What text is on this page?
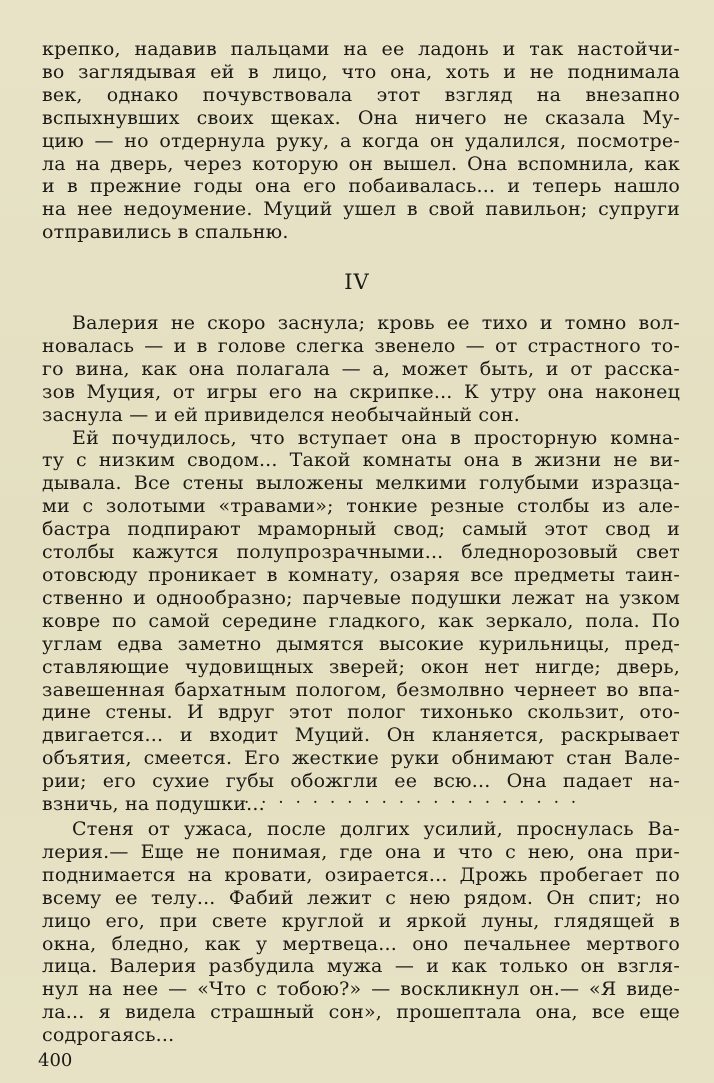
крепко, надавив пальцами на ее ладонь и так настойчи-
во заглядывая ей в лицо, что она, хоть и не поднимала
век, однако почувствовала этот взгляд на внезапно
вспыхнувших своих щеках. Она ничего не сказала Му-
цию — но отдернула руку, а когда он удалился, посмотре-
ла на дверь, через которую он вышел. Она вспомнила, как
и в прежние годы она его побаивалась... и теперь нашло
на нее недоумение. Муций ушел в свой павильон; супруги
отправились в спальню.
IV
Валерия не скоро заснула; кровь ее тихо и томно вол-
новалась — и в голове слегка звенело — от страстного то-
го вина, как она полагала — а, может быть, и от расска-
зов Муция, от игры его на скрипке... К утру она наконец
заснула — и ей привиделся необычайный сон.
Ей почудилось, что вступает она в просторную комна-
ту с низким сводом... Такой комнаты она в жизни не ви-
дывала. Все стены выложены мелкими голубыми изразца-
ми с золотыми «травами»; тонкие резные столбы из але-
бастра подпирают мраморный свод; самый этот свод и
столбы кажутся полупрозрачными... бледнорозовый свет
отовсюду проникает в комнату, озаряя все предметы таин-
ственно и однообразно; парчевые подушки лежат на узком
ковре по самой середине гладкого, как зеркало, пола. По
углам едва заметно дымятся высокие курильницы, пред-
ставляющие чудовищных зверей; окон нет нигде; дверь,
завешенная бархатным пологом, безмолвно чернеет во впа-
дине стены. И вдруг этот полог тихонько скользит, ото-
двигается... и входит Муций. Он кланяется, раскрывает
объятия, смеется. Его жесткие руки обнимают стан Вале-
рии; его сухие губы обожгли ее всю... Она падает на-
взничь, на подушки...
. . . . . . . . . . . . . . . . . . . . . . . .
Стеня от ужаса, после долгих усилий, проснулась Ва-
лерия.— Еще не понимая, где она и что с нею, она при-
поднимается на кровати, озирается... Дрожь пробегает по
всему ее телу... Фабий лежит с нею рядом. Он спит; но
лицо его, при свете круглой и яркой луны, глядящей в
окна, бледно, как у мертвеца... оно печальнее мертвого
лица. Валерия разбудила мужа — и как только он взгля-
нул на нее — «Что с тобою?» — воскликнул он.— «Я виде-
ла... я видела страшный сон», прошептала она, все еще
содрогаясь...
400
